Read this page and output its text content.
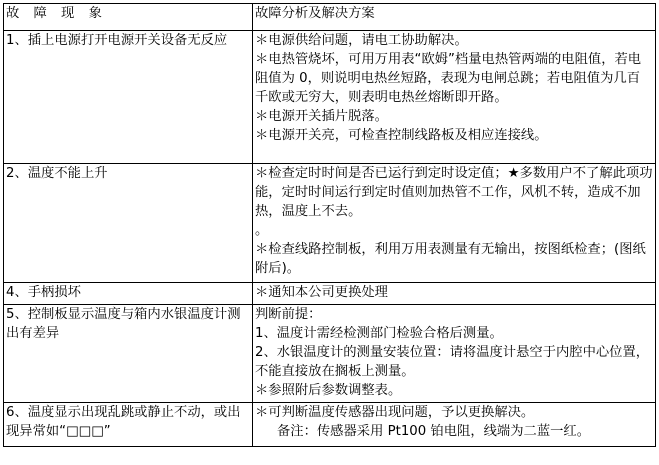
故 障 现 象	故障分析及解决方案
1、插上电源打开电源开关设备无反应	＊电源供给问题，请电工协助解决。
＊电热管烧坏，可用万用表“欧姆”档量电热管两端的电阻值，若电阻值为 0，则说明电热丝短路，表现为电闸总跳；若电阻值为几百千欧或无穷大，则表明电热丝熔断即开路。
＊电源开关插片脱落。
＊电源开关亮，可检查控制线路板及相应连接线。

2、温度不能上升	＊检查定时时间是否已运行到定时设定值；★多数用户不了解此项功能，定时时间运行到定时值则加热管不工作，风机不转，造成不加热，温度上不去。
。
＊检查线路控制板，利用万用表测量有无输出，按图纸检查；(图纸附后)。

4、手柄损坏	＊通知本公司更换处理

5、控制板显示温度与箱内水银温度计测出有差异	判断前提：
1、温度计需经检测部门检验合格后测量。
2、水银温度计的测量安装位置：请将温度计悬空于内腔中心位置，不能直接放在搁板上测量。
＊参照附后参数调整表。

6、温度显示出现乱跳或静止不动，或出现异常如“□□□”	＊可判断温度传感器出现问题，予以更换解决。
备注：传感器采用 Pt100 铂电阻，线端为二蓝一红。
